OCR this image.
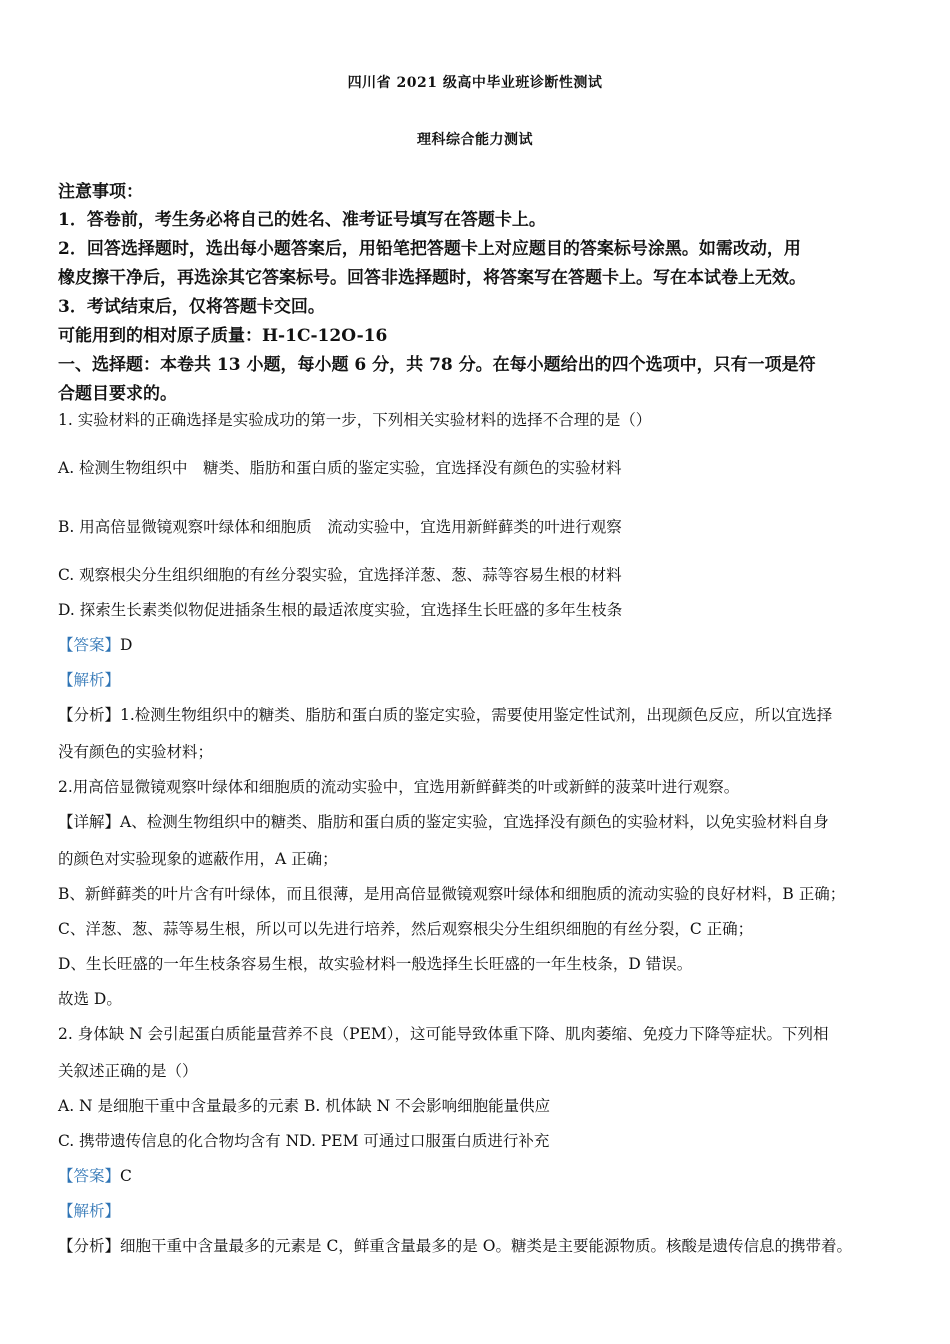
四川省 2021 级高中毕业班诊断性测试
理科综合能力测试
注意事项：
1．答卷前，考生务必将自己的姓名、准考证号填写在答题卡上。
2．回答选择题时，选出每小题答案后，用铅笔把答题卡上对应题目的答案标号涂黑。如需改动，用
橡皮擦干净后，再选涂其它答案标号。回答非选择题时，将答案写在答题卡上。写在本试卷上无效。
3．考试结束后，仅将答题卡交回。
可能用到的相对原子质量：H-1C-12O-16
一、选择题：本卷共 13 小题，每小题 6 分，共 78 分。在每小题给出的四个选项中，只有一项是符
合题目要求的。
1. 实验材料的正确选择是实验成功的第一步，下列相关实验材料的选择不合理的是（）
A. 检测生物组织中　糖类、脂肪和蛋白质的鉴定实验，宜选择没有颜色的实验材料
B. 用高倍显微镜观察叶绿体和细胞质　流动实验中，宜选用新鲜藓类的叶进行观察
C. 观察根尖分生组织细胞的有丝分裂实验，宜选择洋葱、葱、蒜等容易生根的材料
D. 探索生长素类似物促进插条生根的最适浓度实验，宜选择生长旺盛的多年生枝条
【答案】D
【解析】
【分析】1.检测生物组织中的糖类、脂肪和蛋白质的鉴定实验，需要使用鉴定性试剂，出现颜色反应，所以宜选择
没有颜色的实验材料；
2.用高倍显微镜观察叶绿体和细胞质的流动实验中，宜选用新鲜藓类的叶或新鲜的菠菜叶进行观察。
【详解】A、检测生物组织中的糖类、脂肪和蛋白质的鉴定实验，宜选择没有颜色的实验材料，以免实验材料自身
的颜色对实验现象的遮蔽作用，A 正确；
B、新鲜藓类的叶片含有叶绿体，而且很薄，是用高倍显微镜观察叶绿体和细胞质的流动实验的良好材料，B 正确；
C、洋葱、葱、蒜等易生根，所以可以先进行培养，然后观察根尖分生组织细胞的有丝分裂，C 正确；
D、生长旺盛的一年生枝条容易生根，故实验材料一般选择生长旺盛的一年生枝条，D 错误。
故选 D。
2. 身体缺 N 会引起蛋白质能量营养不良（PEM），这可能导致体重下降、肌肉萎缩、免疫力下降等症状。下列相
关叙述正确的是（）
A. N 是细胞干重中含量最多的元素 B. 机体缺 N 不会影响细胞能量供应
C. 携带遗传信息的化合物均含有 ND. PEM 可通过口服蛋白质进行补充
【答案】C
【解析】
【分析】细胞干重中含量最多的元素是 C，鲜重含量最多的是 O。糖类是主要能源物质。核酸是遗传信息的携带着。
